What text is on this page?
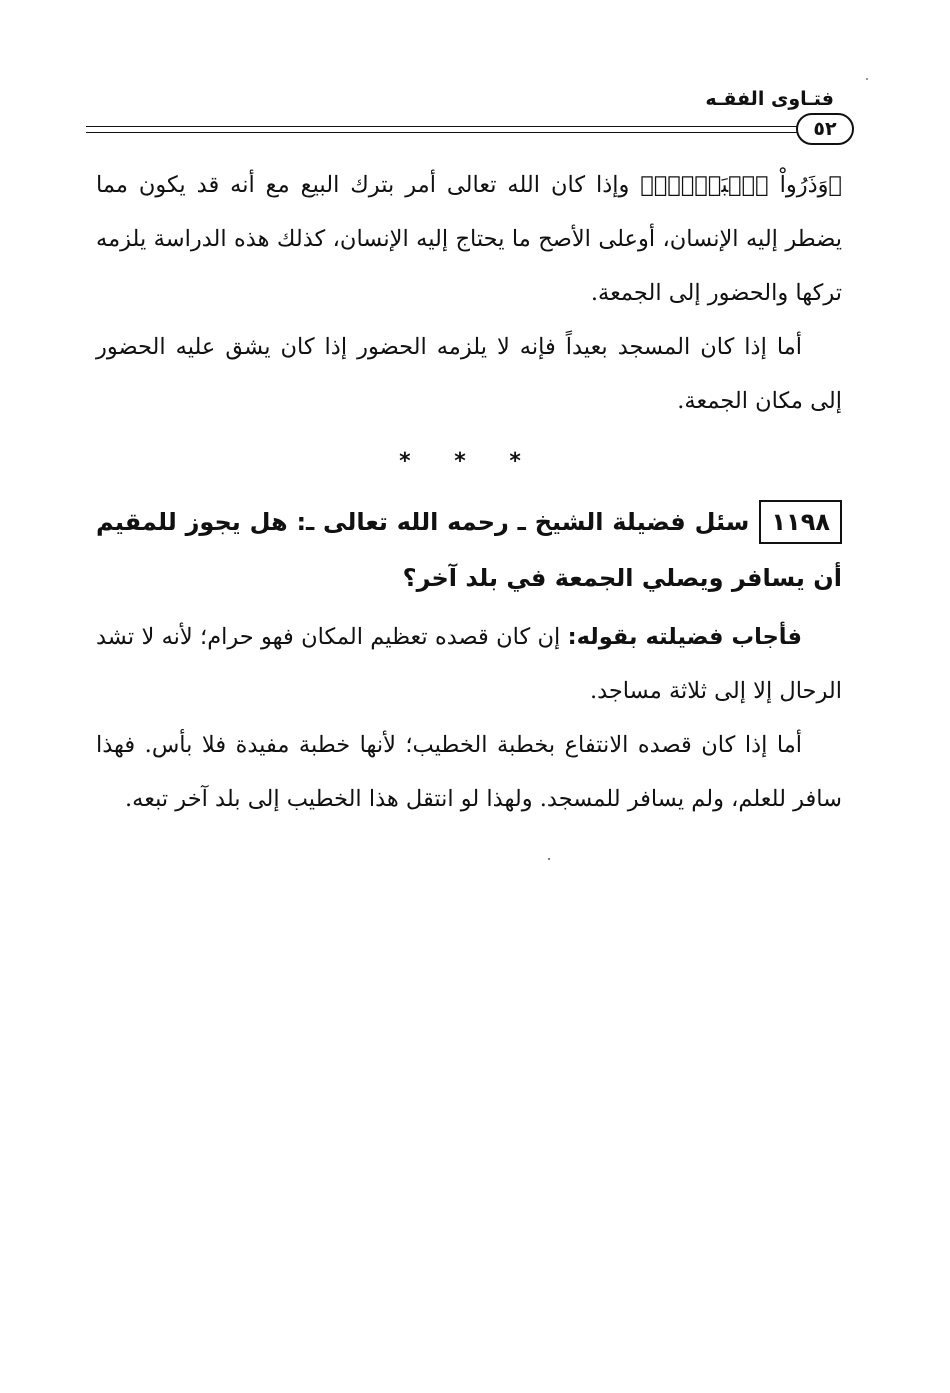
فتـاوى الفقـه
٥٢

﴿وَذَرُواْ ٱلۡبَيۡعَۚ﴾ وإذا كان الله تعالى أمر بترك البيع مع أنه قد يكون مما يضطر إليه الإنسان، أوعلى الأصح ما يحتاج إليه الإنسان، كذلك هذه الدراسة يلزمه تركها والحضور إلى الجمعة.

أما إذا كان المسجد بعيداً فإنه لا يلزمه الحضور إذا كان يشق عليه الحضور إلى مكان الجمعة.

* * *

١١٩٨سئل فضيلة الشيخ ـ رحمه الله تعالى ـ: هل يجوز للمقيم أن يسافر ويصلي الجمعة في بلد آخر؟

فأجاب فضيلته بقوله: إن كان قصده تعظيم المكان فهو حرام؛ لأنه لا تشد الرحال إلا إلى ثلاثة مساجد.

أما إذا كان قصده الانتفاع بخطبة الخطيب؛ لأنها خطبة مفيدة فلا بأس. فهذا سافر للعلم، ولم يسافر للمسجد. ولهذا لو انتقل هذا الخطيب إلى بلد آخر تبعه.
